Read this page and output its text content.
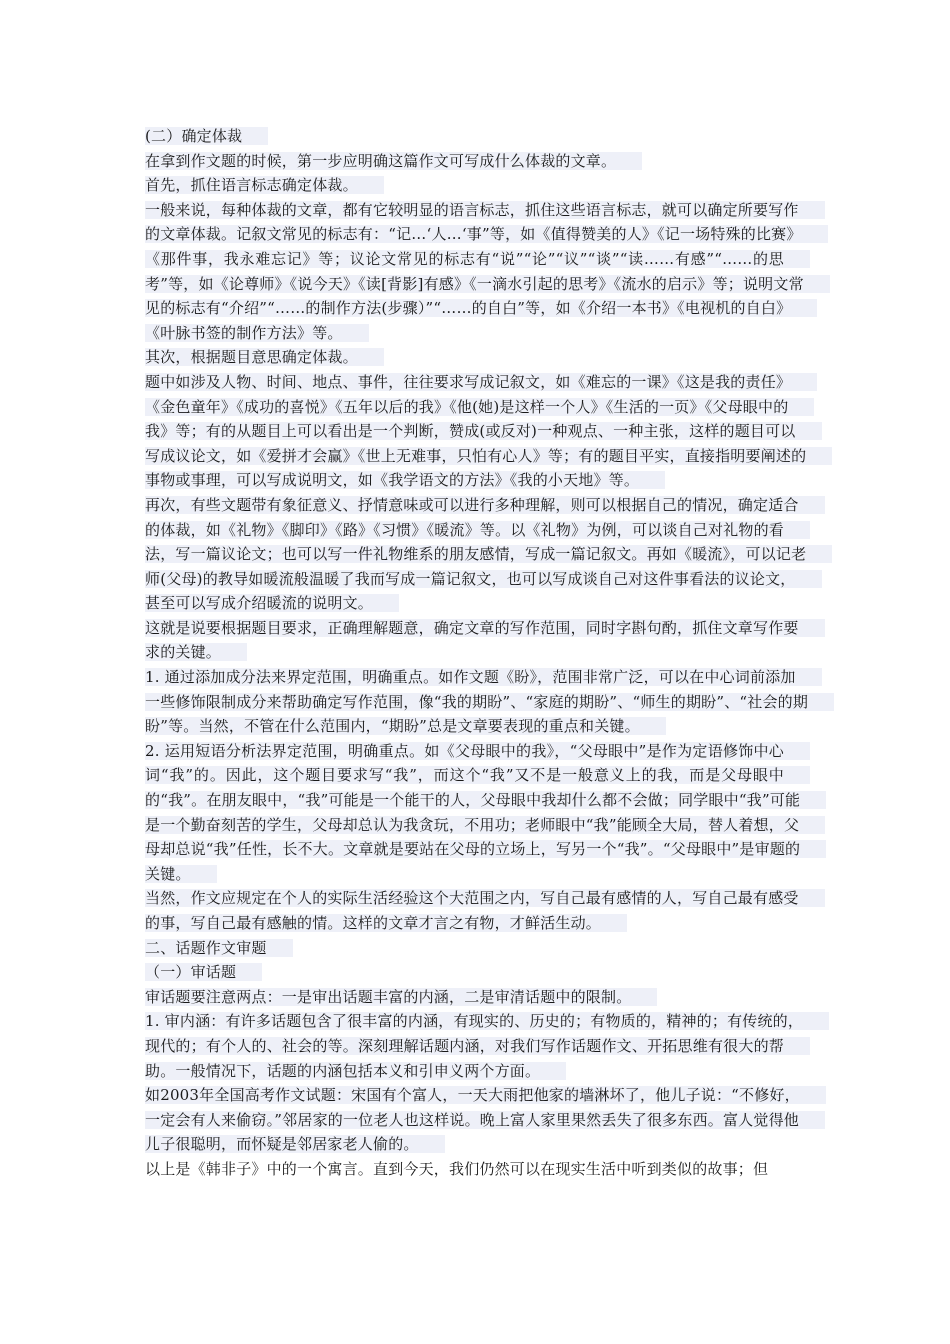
(二）确定体裁

在拿到作文题的时候，第一步应明确这篇作文可写成什么体裁的文章。

首先，抓住语言标志确定体裁。

一般来说，每种体裁的文章，都有它较明显的语言标志，抓住这些语言标志，就可以确定所要写作的文章体裁。记叙文常见的标志有：“记…‘人…‘事”等，如《值得赞美的人》《记一场特殊的比赛》《那件事，我永难忘记》等；议论文常见的标志有“说”“论”“议”“谈”“读……有感”“……的思考”等，如《论尊师》《说今天》《读[背影]有感》《一滴水引起的思考》《流水的启示》等；说明文常见的标志有“介绍”“……的制作方法(步骤）”“……的自白”等，如《介绍一本书》《电视机的自白》《叶脉书签的制作方法》等。

其次，根据题目意思确定体裁。

题中如涉及人物、时间、地点、事件，往往要求写成记叙文，如《难忘的一课》《这是我的责任》《金色童年》《成功的喜悦》《五年以后的我》《他(她)是这样一个人》《生活的一页》《父母眼中的我》等；有的从题目上可以看出是一个判断，赞成(或反对)一种观点、一种主张，这样的题目可以写成议论文，如《爱拼才会赢》《世上无难事，只怕有心人》等；有的题目平实，直接指明要阐述的事物或事理，可以写成说明文，如《我学语文的方法》《我的小天地》等。

再次，有些文题带有象征意义、抒情意味或可以进行多种理解，则可以根据自己的情况，确定适合的体裁，如《礼物》《脚印》《路》《习惯》《暖流》等。以《礼物》为例，可以谈自己对礼物的看法，写一篇议论文；也可以写一件礼物维系的朋友感情，写成一篇记叙文。再如《暖流》，可以记老师(父母)的教导如暖流般温暖了我而写成一篇记叙文，也可以写成谈自己对这件事看法的议论文，甚至可以写成介绍暖流的说明文。

这就是说要根据题目要求，正确理解题意，确定文章的写作范围，同时字斟句酌，抓住文章写作要求的关键。

1. 通过添加成分法来界定范围，明确重点。如作文题《盼》，范围非常广泛，可以在中心词前添加一些修饰限制成分来帮助确定写作范围，像“我的期盼”、“家庭的期盼”、“师生的期盼”、“社会的期盼”等。当然，不管在什么范围内，“期盼”总是文章要表现的重点和关键。

2. 运用短语分析法界定范围，明确重点。如《父母眼中的我》，“父母眼中”是作为定语修饰中心词“我”的。因此，这个题目要求写“我”，而这个“我”又不是一般意义上的我，而是父母眼中的“我”。在朋友眼中，“我”可能是一个能干的人，父母眼中我却什么都不会做；同学眼中“我”可能是一个勤奋刻苦的学生，父母却总认为我贪玩，不用功；老师眼中“我”能顾全大局，替人着想，父母却总说“我”任性，长不大。文章就是要站在父母的立场上，写另一个“我”。“父母眼中”是审题的关键。

当然，作文应规定在个人的实际生活经验这个大范围之内，写自己最有感情的人，写自己最有感受的事，写自己最有感触的情。这样的文章才言之有物，才鲜活生动。

二、话题作文审题

（一）审话题

审话题要注意两点：一是审出话题丰富的内涵，二是审清话题中的限制。

1. 审内涵：有许多话题包含了很丰富的内涵，有现实的、历史的；有物质的，精神的；有传统的，现代的；有个人的、社会的等。深刻理解话题内涵，对我们写作话题作文、开拓思维有很大的帮助。一般情况下，话题的内涵包括本义和引申义两个方面。

如2003年全国高考作文试题：宋国有个富人，一天大雨把他家的墙淋坏了，他儿子说：“不修好，一定会有人来偷窃。”邻居家的一位老人也这样说。晚上富人家里果然丢失了很多东西。富人觉得他儿子很聪明，而怀疑是邻居家老人偷的。

以上是《韩非子》中的一个寓言。直到今天，我们仍然可以在现实生活中听到类似的故事；但
